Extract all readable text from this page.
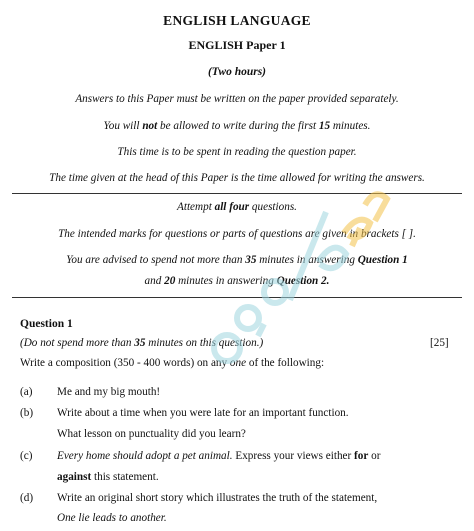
ENGLISH LANGUAGE
ENGLISH Paper 1
(Two hours)
Answers to this Paper must be written on the paper provided separately.
You will not be allowed to write during the first 15 minutes.
This time is to be spent in reading the question paper.
The time given at the head of this Paper is the time allowed for writing the answers.
Attempt all four questions.
The intended marks for questions or parts of questions are given in brackets [ ].
You are advised to spend not more than 35 minutes in answering Question 1
and 20 minutes in answering Question 2.
Question 1
(Do not spend more than 35 minutes on this question.)	[25]
Write a composition (350 - 400 words) on any one of the following:
(a) Me and my big mouth!
(b) Write about a time when you were late for an important function.
What lesson on punctuality did you learn?
(c) Every home should adopt a pet animal. Express your views either for or
against this statement.
(d) Write an original short story which illustrates the truth of the statement,
One lie leads to another.
